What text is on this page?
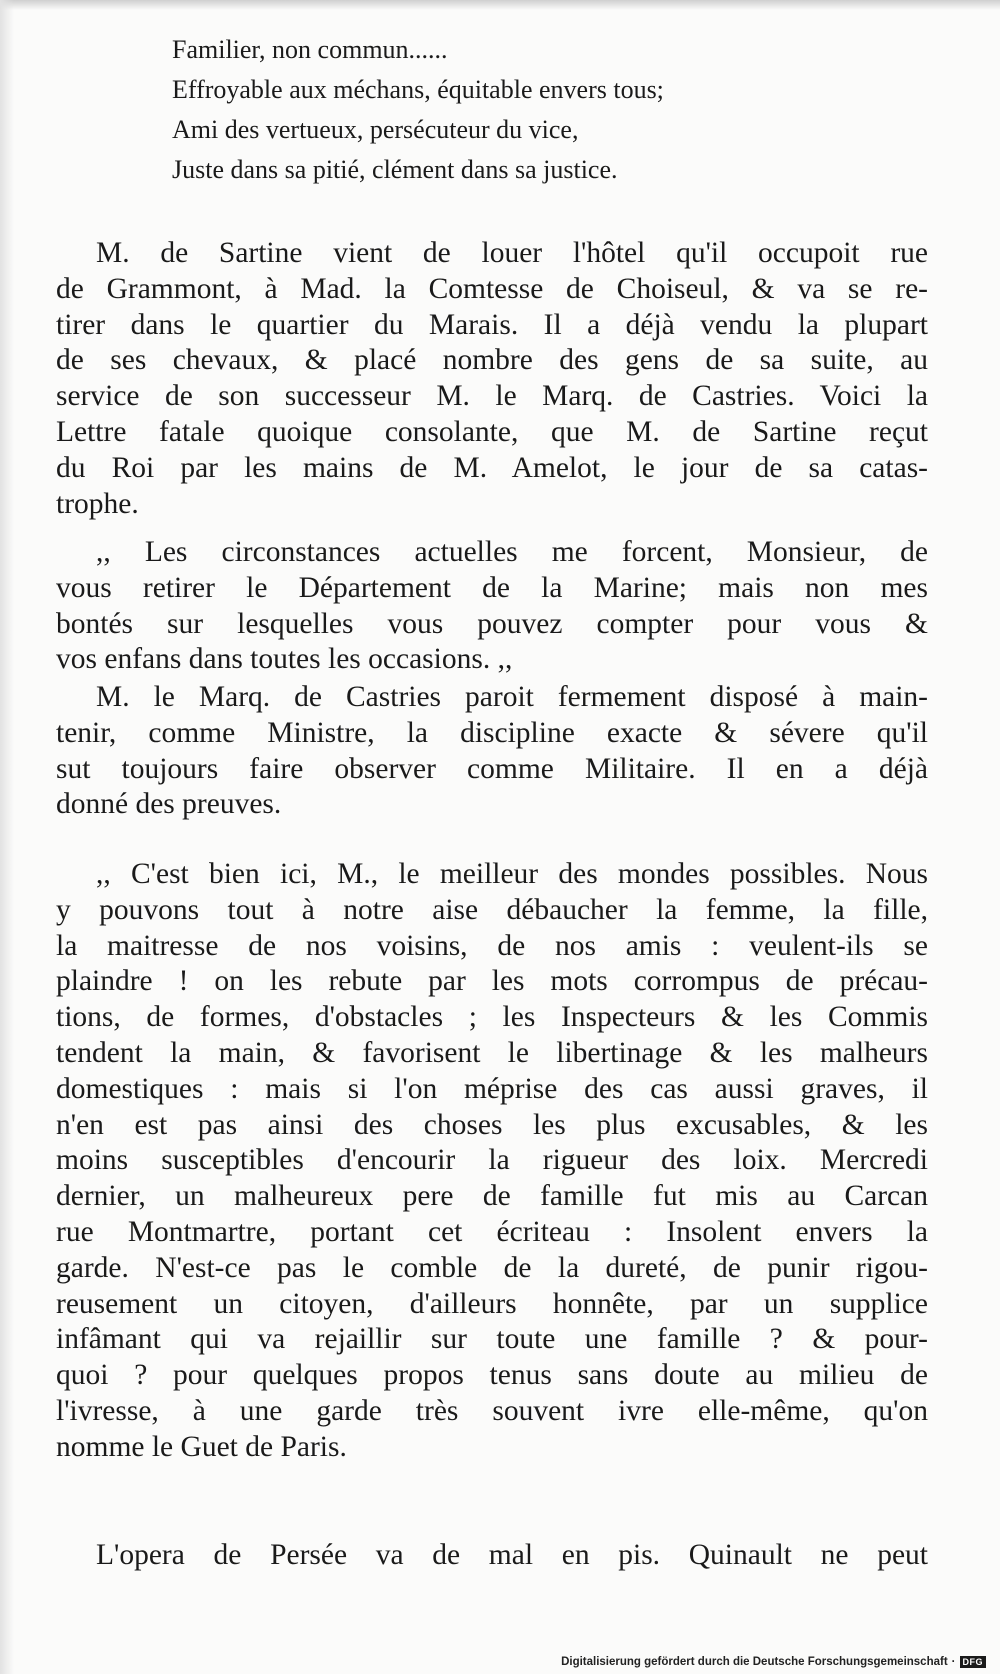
Familier, non commun......
Effroyable aux méchans, équitable envers tous;
Ami des vertueux, persécuteur du vice,
Juste dans sa pitié, clément dans sa justice.
M. de Sartine vient de louer l'hôtel qu'il occupoit rue
de Grammont, à Mad. la Comtesse de Choiseul, & va se re-
tirer dans le quartier du Marais. Il a déjà vendu la plupart
de ses chevaux, & placé nombre des gens de sa suite, au
service de son successeur M. le Marq. de Castries. Voici la
Lettre fatale quoique consolante, que M. de Sartine reçut
du Roi par les mains de M. Amelot, le jour de sa catas-
trophe.
,, Les circonstances actuelles me forcent, Monsieur, de
vous retirer le Département de la Marine; mais non mes
bontés sur lesquelles vous pouvez compter pour vous &
vos enfans dans toutes les occasions. ,,
M. le Marq. de Castries paroit fermement disposé à main-
tenir, comme Ministre, la discipline exacte & sévere qu'il
sut toujours faire observer comme Militaire. Il en a déjà
donné des preuves.
,, C'est bien ici, M., le meilleur des mondes possibles. Nous
y pouvons tout à notre aise débaucher la femme, la fille,
la maitresse de nos voisins, de nos amis : veulent-ils se
plaindre ! on les rebute par les mots corrompus de précau-
tions, de formes, d'obstacles ; les Inspecteurs & les Commis
tendent la main, & favorisent le libertinage & les malheurs
domestiques : mais si l'on méprise des cas aussi graves, il
n'en est pas ainsi des choses les plus excusables, & les
moins susceptibles d'encourir la rigueur des loix. Mercredi
dernier, un malheureux pere de famille fut mis au Carcan
rue Montmartre, portant cet écriteau : Insolent envers la
garde. N'est-ce pas le comble de la dureté, de punir rigou-
reusement un citoyen, d'ailleurs honnête, par un supplice
infâmant qui va rejaillir sur toute une famille ? & pour-
quoi ? pour quelques propos tenus sans doute au milieu de
l'ivresse, à une garde très souvent ivre elle-même, qu'on
nomme le Guet de Paris.
L'opera de Persée va de mal en pis. Quinault ne peut
Digitalisierung gefördert durch die Deutsche Forschungsgemeinschaft · DFG
